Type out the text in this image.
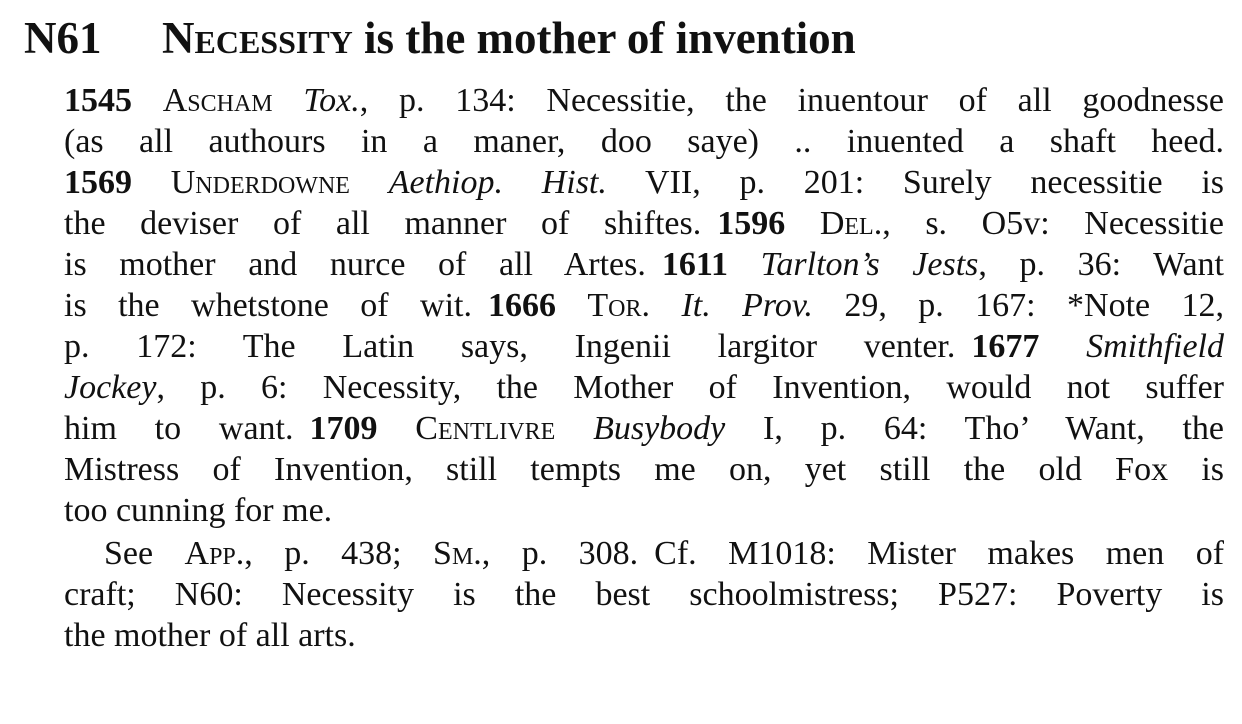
N61 Necessity is the mother of invention
1545 Ascham Tox., p. 134: Necessitie, the inuentour of all goodnesse
(as all authours in a maner, doo saye) .. inuented a shaft heed.
1569 Underdowne Aethiop. Hist. VII, p. 201: Surely necessitie is
the deviser of all manner of shiftes. 1596 Del., s. O5v: Necessitie
is mother and nurce of all Artes. 1611 Tarlton’s Jests, p. 36: Want
is the whetstone of wit. 1666 Tor. It. Prov. 29, p. 167: *Note 12,
p. 172: The Latin says, Ingenii largitor venter. 1677 Smithfield
Jockey, p. 6: Necessity, the Mother of Invention, would not suffer
him to want. 1709 Centlivre Busybody I, p. 64: Tho’ Want, the
Mistress of Invention, still tempts me on, yet still the old Fox is
too cunning for me.
See App., p. 438; Sm., p. 308. Cf. M1018: Mister makes men of
craft; N60: Necessity is the best schoolmistress; P527: Poverty is
the mother of all arts.
